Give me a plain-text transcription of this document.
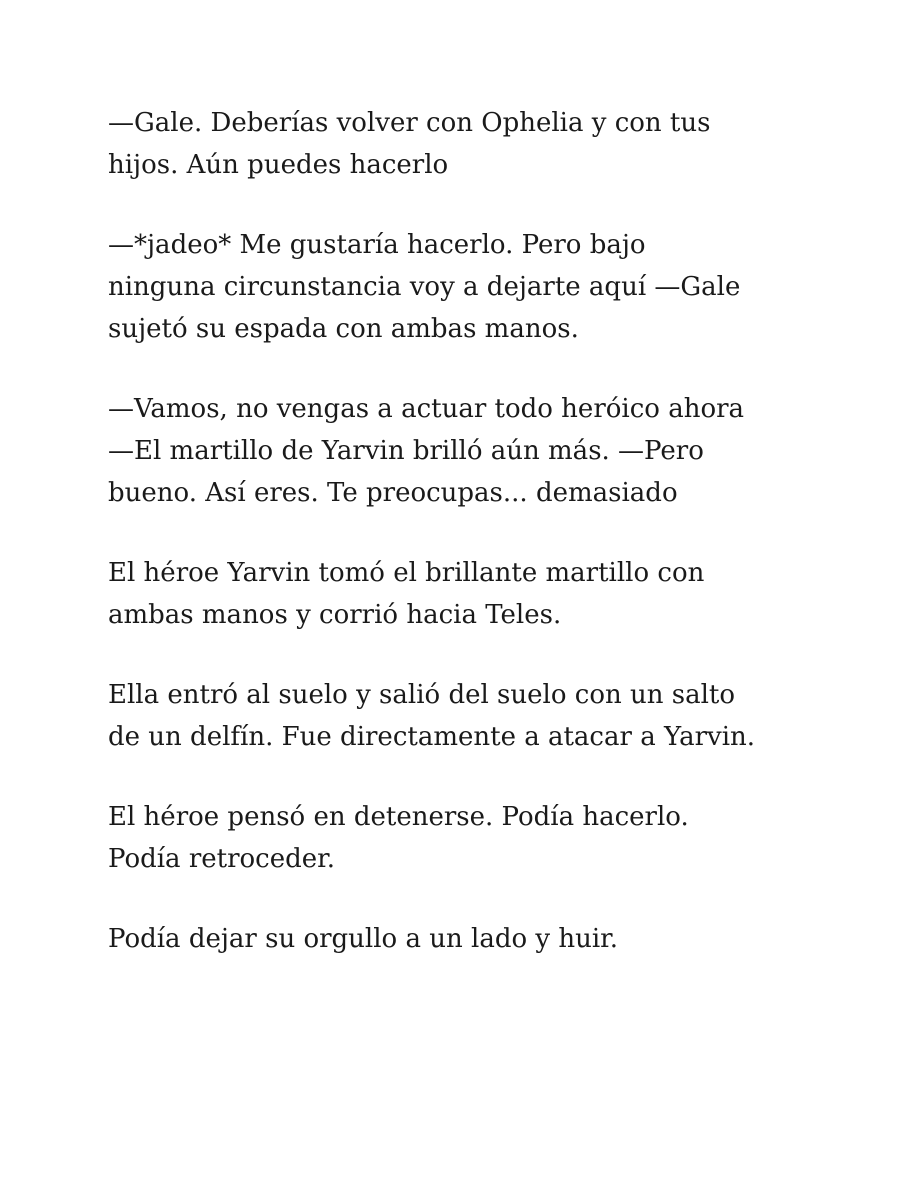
—Gale. Deberías volver con Ophelia y con tus
hijos. Aún puedes hacerlo

—*jadeo* Me gustaría hacerlo. Pero bajo
ninguna circunstancia voy a dejarte aquí —Gale
sujetó su espada con ambas manos.

—Vamos, no vengas a actuar todo heróico ahora
—El martillo de Yarvin brilló aún más. —Pero
bueno. Así eres. Te preocupas... demasiado

El héroe Yarvin tomó el brillante martillo con
ambas manos y corrió hacia Teles.

Ella entró al suelo y salió del suelo con un salto
de un delfín. Fue directamente a atacar a Yarvin.

El héroe pensó en detenerse. Podía hacerlo.
Podía retroceder.

Podía dejar su orgullo a un lado y huir.
